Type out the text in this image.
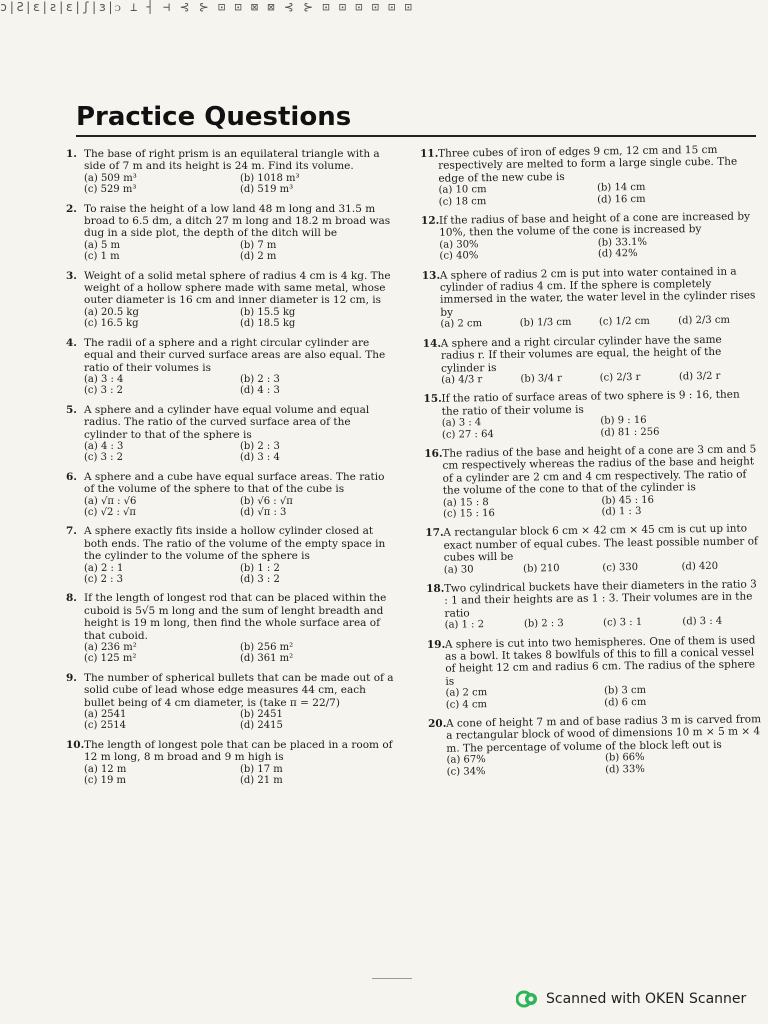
ɔ|Ƨ|ɛ|ƨ|ɛ|ʃ|ɜ|ᴐ ⊥ ┤ ⊣ ⊰ ⊱ ⊡ ⊡ ⊠ ⊠ ⊰ ⊱ ⊡ ⊡ ⊡ ⊡ ⊡ ⊡
Practice Questions
1. The base of right prism is an equilateral triangle with a side of 7 m and its height is 24 m. Find its volume.
(a) 509 m³	(b) 1018 m³
(c) 529 m³	(d) 519 m³
2. To raise the height of a low land 48 m long and 31.5 m broad to 6.5 dm, a ditch 27 m long and 18.2 m broad was dug in a side plot, the depth of the ditch will be
(a) 5 m	(b) 7 m
(c) 1 m	(d) 2 m
3. Weight of a solid metal sphere of radius 4 cm is 4 kg. The weight of a hollow sphere made with same metal, whose outer diameter is 16 cm and inner diameter is 12 cm, is
(a) 20.5 kg	(b) 15.5 kg
(c) 16.5 kg	(d) 18.5 kg
4. The radii of a sphere and a right circular cylinder are equal and their curved surface areas are also equal. The ratio of their volumes is
(a) 3 : 4	(b) 2 : 3
(c) 3 : 2	(d) 4 : 3
5. A sphere and a cylinder have equal volume and equal radius. The ratio of the curved surface area of the cylinder to that of the sphere is
(a) 4 : 3	(b) 2 : 3
(c) 3 : 2	(d) 3 : 4
6. A sphere and a cube have equal surface areas. The ratio of the volume of the sphere to that of the cube is
(a) √π : √6	(b) √6 : √π
(c) √2 : √π	(d) √π : 3
7. A sphere exactly fits inside a hollow cylinder closed at both ends. The ratio of the volume of the empty space in the cylinder to the volume of the sphere is
(a) 2 : 1	(b) 1 : 2
(c) 2 : 3	(d) 3 : 2
8. If the length of longest rod that can be placed within the cuboid is 5√5 m long and the sum of lenght breadth and height is 19 m long, then find the whole surface area of that cuboid.
(a) 236 m²	(b) 256 m²
(c) 125 m²	(d) 361 m²
9. The number of spherical bullets that can be made out of a solid cube of lead whose edge measures 44 cm, each bullet being of 4 cm diameter, is (take π = 22/7)
(a) 2541	(b) 2451
(c) 2514	(d) 2415
10. The length of longest pole that can be placed in a room of 12 m long, 8 m broad and 9 m high is
(a) 12 m	(b) 17 m
(c) 19 m	(d) 21 m
11. Three cubes of iron of edges 9 cm, 12 cm and 15 cm respectively are melted to form a large single cube. The edge of the new cube is
(a) 10 cm	(b) 14 cm
(c) 18 cm	(d) 16 cm
12. If the radius of base and height of a cone are increased by 10%, then the volume of the cone is increased by
(a) 30%	(b) 33.1%
(c) 40%	(d) 42%
13. A sphere of radius 2 cm is put into water contained in a cylinder of radius 4 cm. If the sphere is completely immersed in the water, the water level in the cylinder rises by
(a) 2 cm	(b) 1/3 cm	(c) 1/2 cm	(d) 2/3 cm
14. A sphere and a right circular cylinder have the same radius r. If their volumes are equal, the height of the cylinder is
(a) 4/3 r	(b) 3/4 r	(c) 2/3 r	(d) 3/2 r
15. If the ratio of surface areas of two sphere is 9 : 16, then the ratio of their volume is
(a) 3 : 4	(b) 9 : 16
(c) 27 : 64	(d) 81 : 256
16. The radius of the base and height of a cone are 3 cm and 5 cm respectively whereas the radius of the base and height of a cylinder are 2 cm and 4 cm respectively. The ratio of the volume of the cone to that of the cylinder is
(a) 15 : 8	(b) 45 : 16
(c) 15 : 16	(d) 1 : 3
17. A rectangular block 6 cm × 42 cm × 45 cm is cut up into exact number of equal cubes. The least possible number of cubes will be
(a) 30	(b) 210	(c) 330	(d) 420
18. Two cylindrical buckets have their diameters in the ratio 3 : 1 and their heights are as 1 : 3. Their volumes are in the ratio
(a) 1 : 2	(b) 2 : 3	(c) 3 : 1	(d) 3 : 4
19. A sphere is cut into two hemispheres. One of them is used as a bowl. It takes 8 bowlfuls of this to fill a conical vessel of height 12 cm and radius 6 cm. The radius of the sphere is
(a) 2 cm	(b) 3 cm
(c) 4 cm	(d) 6 cm
20. A cone of height 7 m and of base radius 3 m is carved from a rectangular block of wood of dimensions 10 m × 5 m × 4 m. The percentage of volume of the block left out is
(a) 67%	(b) 66%
(c) 34%	(d) 33%
Scanned with OKEN Scanner
